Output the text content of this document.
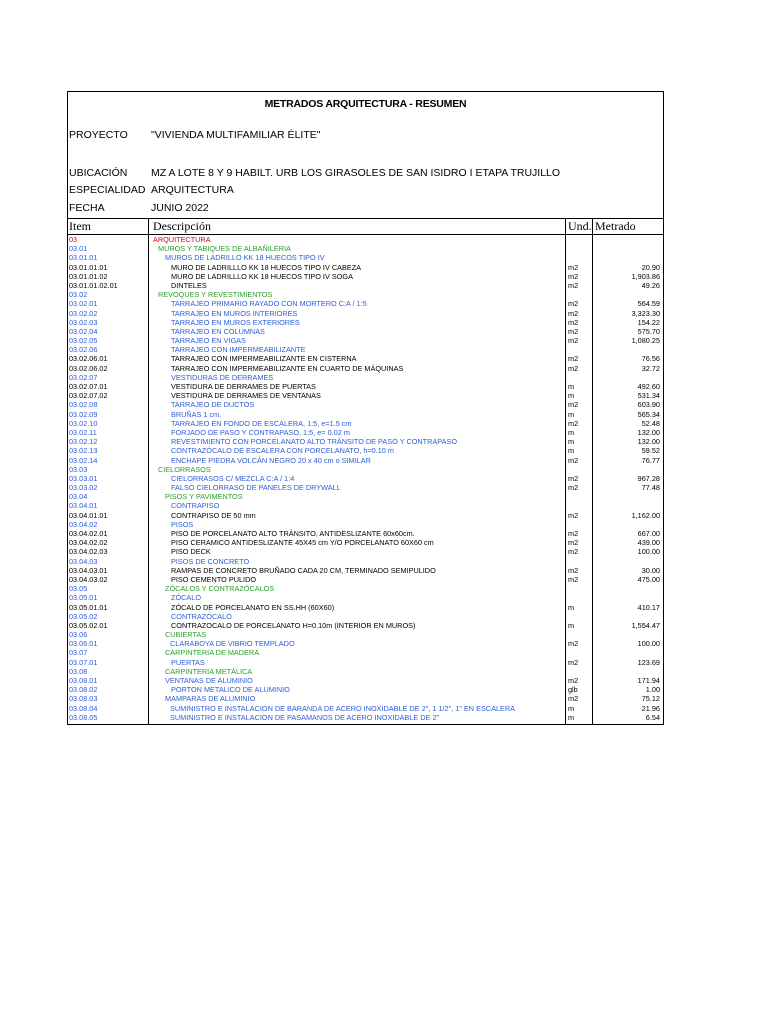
METRADOS ARQUITECTURA - RESUMEN
PROYECTO "VIVIENDA MULTIFAMILIAR ÉLITE"
UBICACIÓN MZ A LOTE 8 Y 9 HABILT. URB LOS GIRASOLES DE SAN ISIDRO I ETAPA TRUJILLO
ESPECIALIDAD ARQUITECTURA
FECHA	JUNIO 2022
Item	Descripción	Und. Metrado
03	ARQUITECTURA
03.01	MUROS Y TABIQUES DE ALBAÑILERIA
03.01.01	MUROS DE LADRILLO KK 18 HUECOS TIPO IV
03.01.01.01	MURO DE LADRILLLO KK 18 HUECOS TIPO IV CABEZA	m2	20.90
03.01.01.02	MURO DE LADRILLLO KK 18 HUECOS TIPO IV SOGA	m2	1,903.86
03.01.01.02.01	DINTELES	m2	49.26
03.02	REVOQUES Y REVESTIMIENTOS
03.02.01	TARRAJEO PRIMARIO RAYADO CON MORTERO C:A / 1:5	m2	564.59
03.02.02	TARRAJEO EN MUROS INTERIORES	m2	3,323.30
03.02.03	TARRAJEO EN MUROS EXTERIORES	m2	154.22
03.02.04	TARRAJEO EN COLUMNAS	m2	575.70
03.02.05	TARRAJEO EN VIGAS	m2	1,080.25
03.02.06	TARRAJEO CON IMPERMEABILIZANTE
03.02.06.01	TARRAJEO CON IMPERMEABILIZANTE EN CISTERNA	m2	76.56
03.02.06.02	TARRAJEO CON IMPERMEABILIZANTE EN CUARTO DE MÁQUINAS	m2	32.72
03.02.07	VESTIDURAS DE DERRAMES
03.02.07.01	VESTIDURA DE DERRAMES DE PUERTAS	m	492.60
03.02.07.02	VESTIDURA DE DERRAMES DE VENTANAS	m	531.34
03.02.08	TARRAJEO DE DUCTOS	m2	603.90
03.02.09	BRUÑAS 1 cm.	m	565.34
03.02.10	TARRAJEO EN FONDO DE ESCALERA, 1:5, e=1.5 cm	m2	52.48
03.02.11	FORJADO DE PASO Y CONTRAPASO, 1:5, e= 0.02 m	m	132.00
03.02.12	REVESTIMIENTO CON PORCELANATO ALTO TRÁNSITO DE PASO Y CONTRAPASO	m	132.00
03.02.13	CONTRAZÓCALO DE ESCALERA CON PORCELANATO, h=0.10 m	m	59.52
03.02.14	ENCHAPE PIEDRA VOLCÁN NEGRO 20 x 40 cm o SIMILAR	m2	76.77
03.03	CIELORRASOS
03.03.01	CIELORRASOS C/ MEZCLA C:A / 1:4	m2	967.28
03.03.02	FALSO CIELORRASO DE PANELES DE DRYWALL	m2	77.48
03.04	PISOS Y PAVIMENTOS
03.04.01	CONTRAPISO
03.04.01.01	CONTRAPISO DE 50 mm	m2	1,162.00
03.04.02	PISOS
03.04.02.01	PISO DE PORCELANATO ALTO TRÁNSITO, ANTIDESLIZANTE 60x60cm.	m2	667.00
03.04.02.02	PISO CERAMICO ANTIDESLIZANTE 45X45 cm Y/O PORCELANATO 60X60 cm	m2	439.00
03.04.02.03	PISO DECK	m2	100.00
03.04.03	PISOS DE CONCRETO
03.04.03.01	RAMPAS DE CONCRETO BRUÑADO CADA 20 CM, TERMINADO SEMIPULIDO	m2	30.00
03.04.03.02	PISO CEMENTO PULIDO	m2	475.00
03.05	ZÓCALOS Y CONTRAZÓCALOS
03.05.01	ZÓCALO
03.05.01.01	ZÓCALO DE PORCELANATO EN SS.HH (60X60)	m	410.17
03.05.02	CONTRAZÓCALO
03.05.02.01	CONTRAZOCALO DE PORCELANATO H=0.10m (INTERIOR EN MUROS)	m	1,554.47
03.06	CUBIERTAS
03.06.01	CLARABOYA DE VIBRIO TEMPLADO	m2	100.00
03.07	CARPINTERIA DE MADERA
03.07.01	PUERTAS	m2	123.69
03.08	CARPINTERIA METÁLICA
03.08.01	VENTANAS DE ALUMINIO	m2	171.94
03.08.02	PORTON METALICO DE ALUMINIO	glb	1.00
03.08.03	MAMPARAS DE ALUMINIO	m2	75.12
03.08.04	SUMINISTRO E INSTALACION DE BARANDA DE ACERO INOXIDABLE DE 2", 1 1/2", 1" EN ESCALERA	m	21.96
03.08.05	SUMINISTRO E INSTALACION DE PASAMANOS DE ACERO INOXIDABLE DE 2"	m	6.54
